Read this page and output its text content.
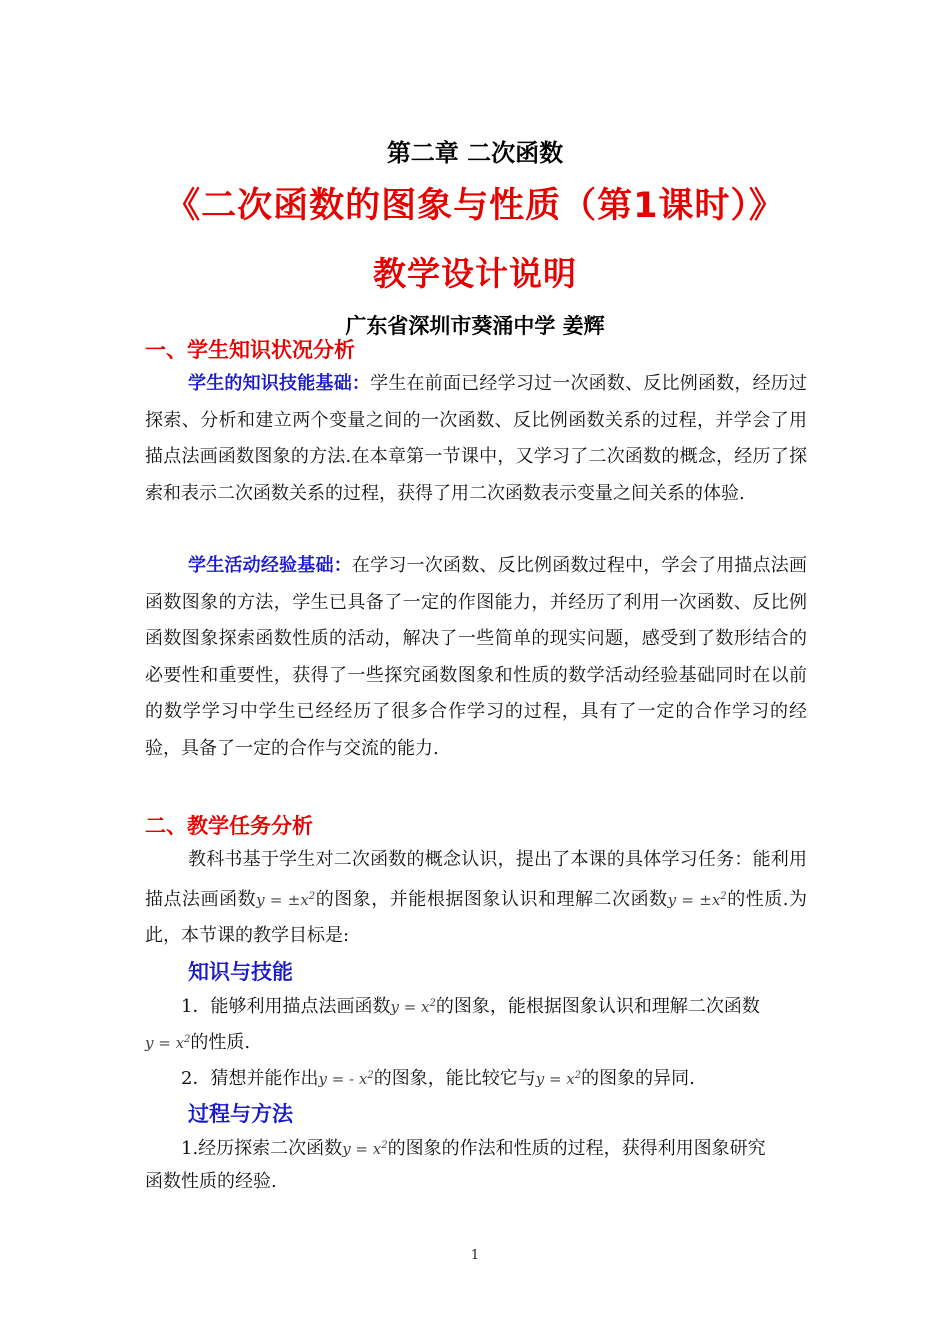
第二章 二次函数
《二次函数的图象与性质（第1课时）》
教学设计说明
广东省深圳市葵涌中学 姜辉
一、学生知识状况分析
学生的知识技能基础：学生在前面已经学习过一次函数、反比例函数，经历过探索、分析和建立两个变量之间的一次函数、反比例函数关系的过程，并学会了用描点法画函数图象的方法.在本章第一节课中，又学习了二次函数的概念，经历了探索和表示二次函数关系的过程，获得了用二次函数表示变量之间关系的体验.
学生活动经验基础：在学习一次函数、反比例函数过程中，学会了用描点法画函数图象的方法，学生已具备了一定的作图能力，并经历了利用一次函数、反比例函数图象探索函数性质的活动，解决了一些简单的现实问题，感受到了数形结合的必要性和重要性，获得了一些探究函数图象和性质的数学活动经验基础同时在以前的数学学习中学生已经经历了很多合作学习的过程，具有了一定的合作学习的经验，具备了一定的合作与交流的能力.
二、教学任务分析
教科书基于学生对二次函数的概念认识，提出了本课的具体学习任务：能利用描点法画函数$y = \pm x^2$的图象，并能根据图象认识和理解二次函数$y = \pm x^2$的性质.为此，本节课的教学目标是:
知识与技能
1．能够利用描点法画函数$y = x^2$的图象，能根据图象认识和理解二次函数
$y = x^2$的性质.
2．猜想并能作出y = - $x^2$的图象，能比较它与$y = x^2$的图象的异同.
过程与方法
1.经历探索二次函数$y = x^2$的图象的作法和性质的过程，获得利用图象研究
函数性质的经验.
1
